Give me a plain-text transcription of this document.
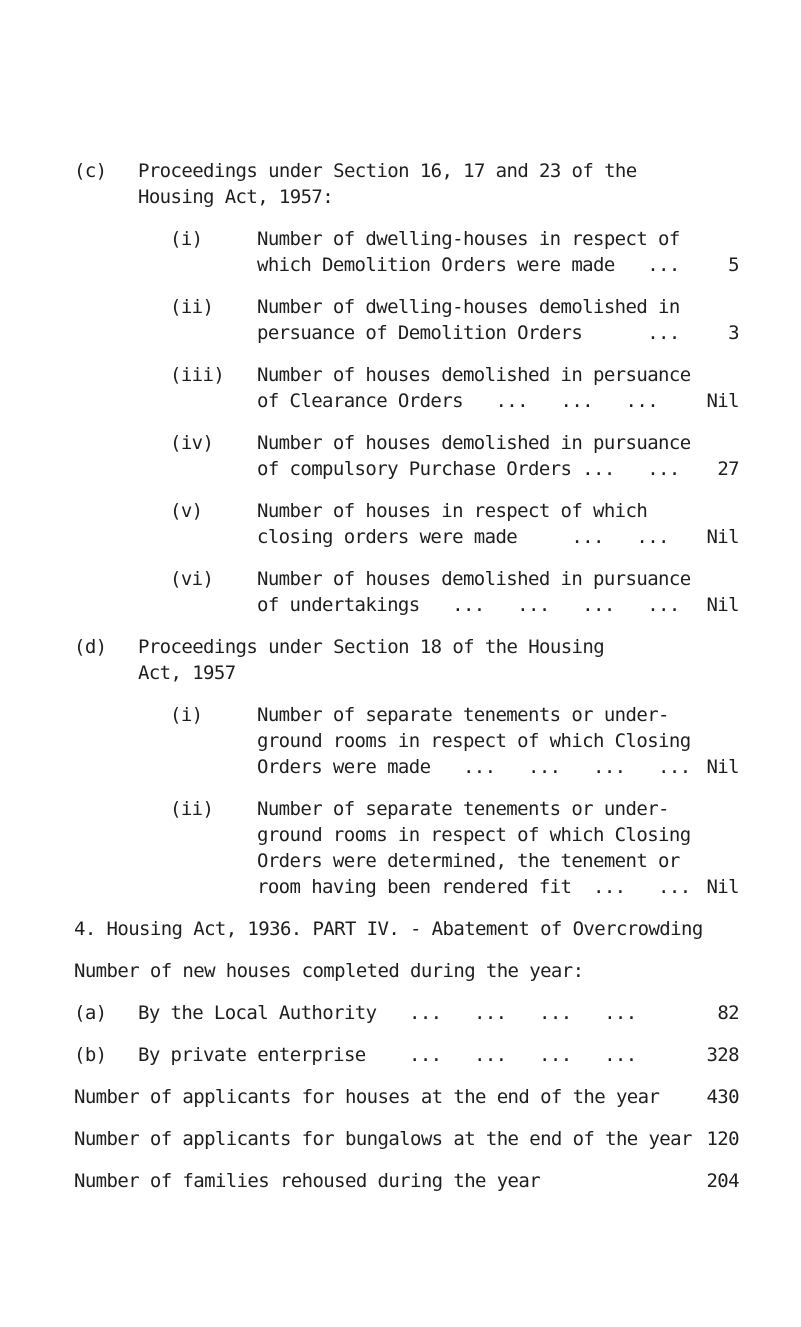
(c) Proceedings under Section 16, 17 and 23 of the
Housing Act, 1957:
(i)	Number of dwelling-houses in respect of
which Demolition Orders were made   ...	5
(ii) Number of dwelling-houses demolished in
persuance of Demolition Orders      ...	3
(iii) Number of houses demolished in persuance
of Clearance Orders   ...   ...   ...	Nil
(iv) Number of houses demolished in pursuance
of compulsory Purchase Orders ...   ...	27
(v)	Number of houses in respect of which
closing orders were made     ...   ...	Nil
(vi) Number of houses demolished in pursuance
of undertakings   ...   ...   ...   ...	Nil
(d) Proceedings under Section 18 of the Housing
Act, 1957
(i)	Number of separate tenements or under-
ground rooms in respect of which Closing
Orders were made   ...   ...   ...   ... Nil
(ii) Number of separate tenements or under-
ground rooms in respect of which Closing
Orders were determined, the tenement or
room having been rendered fit  ...   ... Nil
4. Housing Act, 1936. PART IV. - Abatement of Overcrowding
Number of new houses completed during the year:
(a) By the Local Authority   ...   ...   ...   ...	82
(b) By private enterprise    ...   ...   ...   ...	328
Number of applicants for houses at the end of the year	430
Number of applicants for bungalows at the end of the year 120
Number of families rehoused during the year	204
